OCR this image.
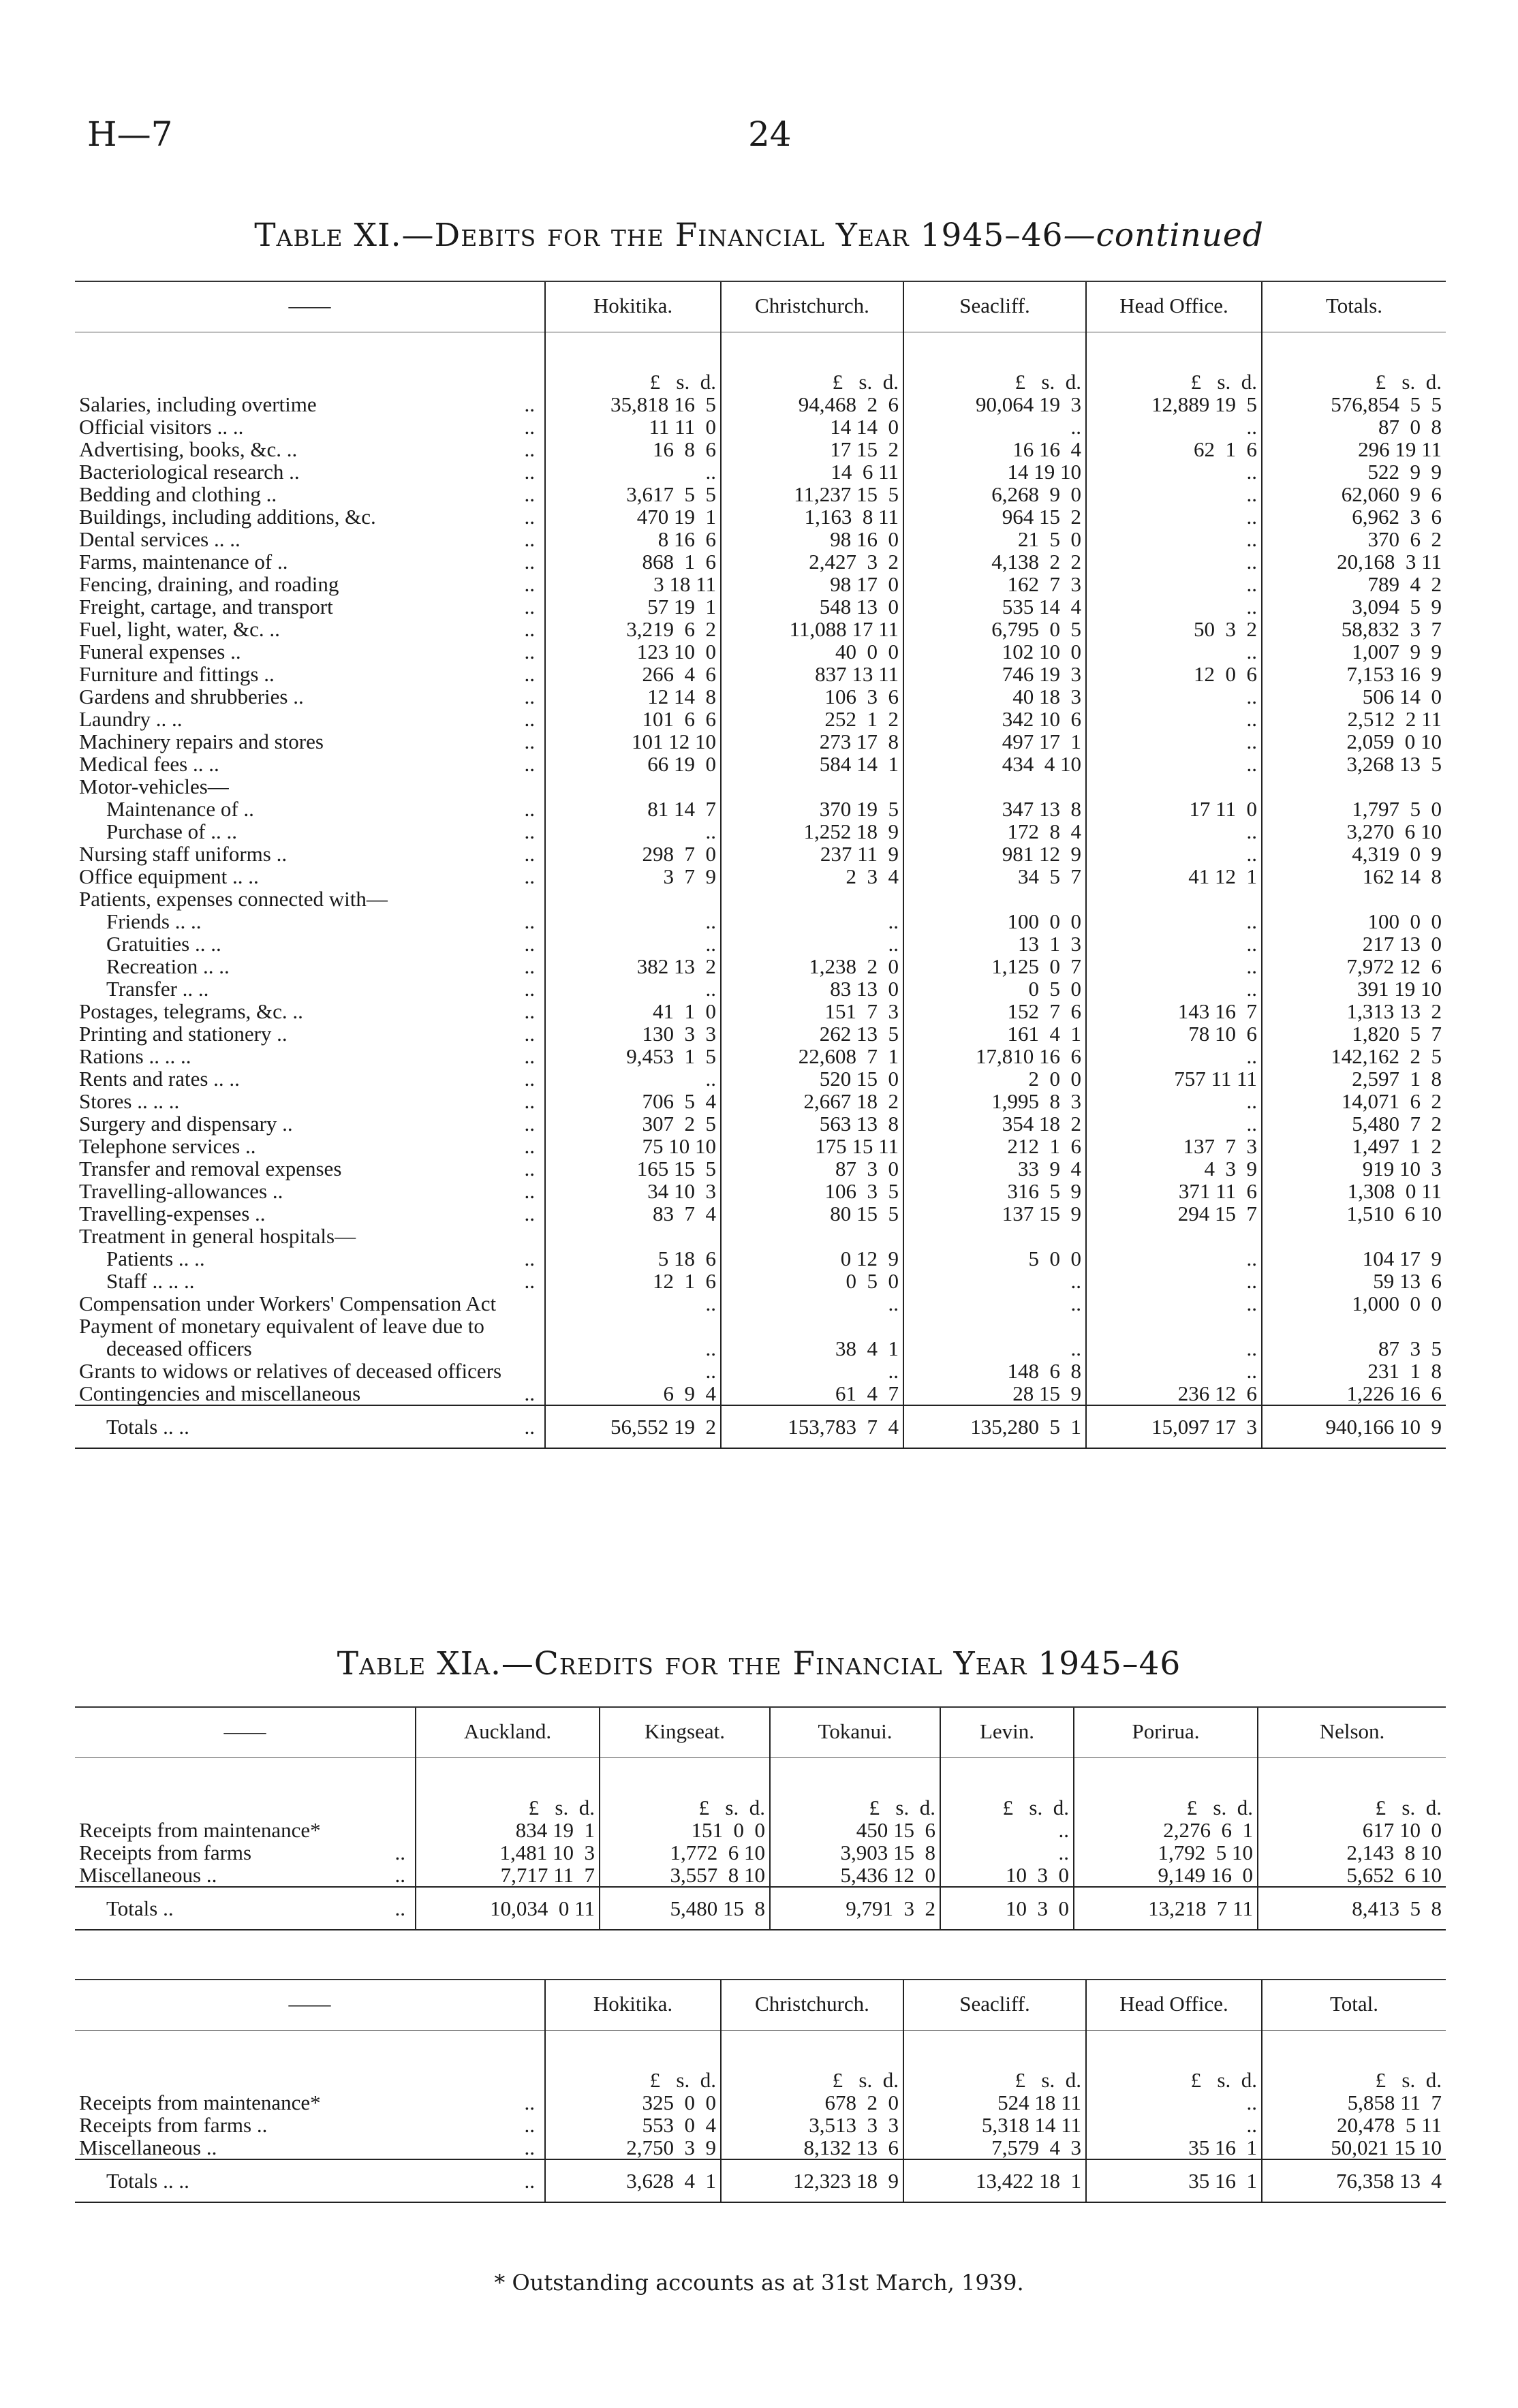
H—7	24
Table XI.—Debits for the Financial Year 1945–46—continued
——		Hokitika.	Christchurch.	Seacliff.	Head Office.	Totals.
		£   s.  d.	£   s.  d.	£   s.  d.	£   s.  d.	£   s.  d.
Salaries, including overtime	..	35,818 16  5	94,468  2  6	90,064 19  3	12,889 19  5	576,854  5  5
Official visitors .. ..	..	11 11  0	14 14  0	..	..	87  0  8
Advertising, books, &c. ..	..	16  8  6	17 15  2	16 16  4	62  1  6	296 19 11
Bacteriological research ..	..	..	14  6 11	14 19 10	..	522  9  9
Bedding and clothing ..	..	3,617  5  5	11,237 15  5	6,268  9  0	..	62,060  9  6
Buildings, including additions, &c.	..	470 19  1	1,163  8 11	964 15  2	..	6,962  3  6
Dental services .. ..	..	8 16  6	98 16  0	21  5  0	..	370  6  2
Farms, maintenance of ..	..	868  1  6	2,427  3  2	4,138  2  2	..	20,168  3 11
Fencing, draining, and roading	..	3 18 11	98 17  0	162  7  3	..	789  4  2
Freight, cartage, and transport	..	57 19  1	548 13  0	535 14  4	..	3,094  5  9
Fuel, light, water, &c. ..	..	3,219  6  2	11,088 17 11	6,795  0  5	50  3  2	58,832  3  7
Funeral expenses ..	..	123 10  0	40  0  0	102 10  0	..	1,007  9  9
Furniture and fittings ..	..	266  4  6	837 13 11	746 19  3	12  0  6	7,153 16  9
Gardens and shrubberies ..	..	12 14  8	106  3  6	40 18  3	..	506 14  0
Laundry .. ..	..	101  6  6	252  1  2	342 10  6	..	2,512  2 11
Machinery repairs and stores	..	101 12 10	273 17  8	497 17  1	..	2,059  0 10
Medical fees .. ..	..	66 19  0	584 14  1	434  4 10	..	3,268 13  5
Motor-vehicles—						
Maintenance of ..	..	81 14  7	370 19  5	347 13  8	17 11  0	1,797  5  0
Purchase of .. ..	..	..	1,252 18  9	172  8  4	..	3,270  6 10
Nursing staff uniforms ..	..	298  7  0	237 11  9	981 12  9	..	4,319  0  9
Office equipment .. ..	..	3  7  9	2  3  4	34  5  7	41 12  1	162 14  8
Patients, expenses connected with—						
Friends .. ..	..	..	..	100  0  0	..	100  0  0
Gratuities .. ..	..	..	..	13  1  3	..	217 13  0
Recreation .. ..	..	382 13  2	1,238  2  0	1,125  0  7	..	7,972 12  6
Transfer .. ..	..	..	83 13  0	0  5  0	..	391 19 10
Postages, telegrams, &c. ..	..	41  1  0	151  7  3	152  7  6	143 16  7	1,313 13  2
Printing and stationery ..	..	130  3  3	262 13  5	161  4  1	78 10  6	1,820  5  7
Rations .. .. ..	..	9,453  1  5	22,608  7  1	17,810 16  6	..	142,162  2  5
Rents and rates .. ..	..	..	520 15  0	2  0  0	757 11 11	2,597  1  8
Stores .. .. ..	..	706  5  4	2,667 18  2	1,995  8  3	..	14,071  6  2
Surgery and dispensary ..	..	307  2  5	563 13  8	354 18  2	..	5,480  7  2
Telephone services ..	..	75 10 10	175 15 11	212  1  6	137  7  3	1,497  1  2
Transfer and removal expenses	..	165 15  5	87  3  0	33  9  4	4  3  9	919 10  3
Travelling-allowances ..	..	34 10  3	106  3  5	316  5  9	371 11  6	1,308  0 11
Travelling-expenses ..	..	83  7  4	80 15  5	137 15  9	294 15  7	1,510  6 10
Treatment in general hospitals—						
Patients .. ..	..	5 18  6	0 12  9	5  0  0	..	104 17  9
Staff .. .. ..	..	12  1  6	0  5  0	..	..	59 13  6

Compensation under Workers' Compensation Act		..	..	..	..	1,000  0  0

Payment of monetary equivalent of leave due to deceased officers		..	38  4  1	..	..	87  3  5

Grants to widows or relatives of deceased officers		..	..	148  6  8	..	231  1  8
Contingencies and miscellaneous	..	6  9  4	61  4  7	28 15  9	236 12  6	1,226 16  6
Totals .. ..	..	56,552 19  2	153,783  7  4	135,280  5  1	15,097 17  3	940,166 10  9
Table XIa.—Credits for the Financial Year 1945–46
——		Auckland.	Kingseat.	Tokanui.	Levin.	Porirua.	Nelson.
		£   s.  d.	£   s.  d.	£   s.  d.	£   s.  d.	£   s.  d.	£   s.  d.
Receipts from maintenance*		834 19  1	151  0  0	450 15  6	..	2,276  6  1	617 10  0
Receipts from farms	..	1,481 10  3	1,772  6 10	3,903 15  8	..	1,792  5 10	2,143  8 10
Miscellaneous ..	..	7,717 11  7	3,557  8 10	5,436 12  0	10  3  0	9,149 16  0	5,652  6 10
Totals ..	..	10,034  0 11	5,480 15  8	9,791  3  2	10  3  0	13,218  7 11	8,413  5  8
——		Hokitika.	Christchurch.	Seacliff.	Head Office.	Total.
		£   s.  d.	£   s.  d.	£   s.  d.	£   s.  d.	£   s.  d.
Receipts from maintenance*	..	325  0  0	678  2  0	524 18 11	..	5,858 11  7
Receipts from farms ..	..	553  0  4	3,513  3  3	5,318 14 11	..	20,478  5 11
Miscellaneous ..	..	2,750  3  9	8,132 13  6	7,579  4  3	35 16  1	50,021 15 10
Totals .. ..	..	3,628  4  1	12,323 18  9	13,422 18  1	35 16  1	76,358 13  4
* Outstanding accounts as at 31st March, 1939.
